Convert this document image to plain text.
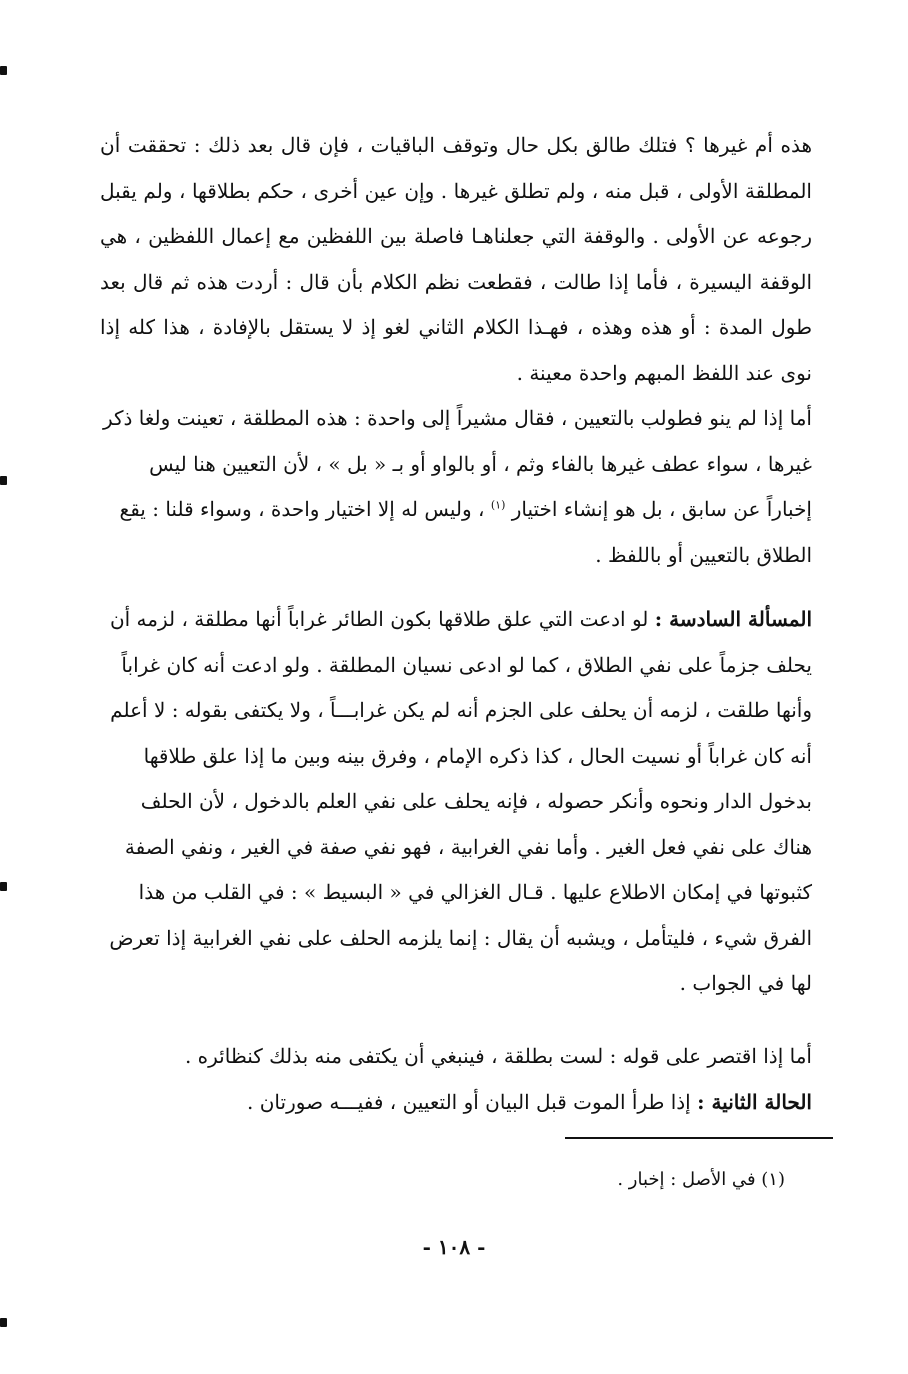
هذه أم غيرها ؟ فتلك طالق بكل حال وتوقف الباقيات ، فإن قال بعد ذلك : تحققت أن المطلقة الأولى ، قبل منه ، ولم تطلق غيرها . وإن عين أخرى ، حكم بطلاقها ، ولم يقبل رجوعه عن الأولى . والوقفة التي جعلناهـا فاصلة بين اللفظين مع إعمال اللفظين ، هي الوقفة اليسيرة ، فأما إذا طالت ، فقطعت نظم الكلام بأن قال : أردت هذه ثم قال بعد طول المدة : أو هذه وهذه ، فهـذا الكلام الثاني لغو إذ لا يستقل بالإفادة ، هذا كله إذا نوى عند اللفظ المبهم واحدة معينة .

أما إذا لم ينو فطولب بالتعيين ، فقال مشيراً إلى واحدة : هذه المطلقة ، تعينت ولغا ذكر غيرها ، سواء عطف غيرها بالفاء وثم ، أو بالواو أو بـ « بل » ، لأن التعيين هنا ليس إخباراً عن سابق ، بل هو إنشاء اختيار $^{(١)}$ ، وليس له إلا اختيار واحدة ، وسواء قلنا : يقع الطلاق بالتعيين أو باللفظ .

المسألة السادسة : لو ادعت التي علق طلاقها بكون الطائر غراباً أنها مطلقة ، لزمه أن يحلف جزماً على نفي الطلاق ، كما لو ادعى نسيان المطلقة . ولو ادعت أنه كان غراباً وأنها طلقت ، لزمه أن يحلف على الجزم أنه لم يكن غرابـــاً ، ولا يكتفى بقوله : لا أعلم أنه كان غراباً أو نسيت الحال ، كذا ذكره الإمام ، وفرق بينه وبين ما إذا علق طلاقها بدخول الدار ونحوه وأنكر حصوله ، فإنه يحلف على نفي العلم بالدخول ، لأن الحلف هناك على نفي فعل الغير . وأما نفي الغرابية ، فهو نفي صفة في الغير ، ونفي الصفة كثبوتها في إمكان الاطلاع عليها . قـال الغزالي في « البسيط » : في القلب من هذا الفرق شيء ، فليتأمل ، ويشبه أن يقال : إنما يلزمه الحلف على نفي الغرابية إذا تعرض لها في الجواب .

أما إذا اقتصر على قوله : لست بطلقة ، فينبغي أن يكتفى منه بذلك كنظائره .

الحالة الثانية : إذا طرأ الموت قبل البيان أو التعيين ، ففيـــه صورتان .

(١) في الأصل : إخبار .
- ١٠٨ -
